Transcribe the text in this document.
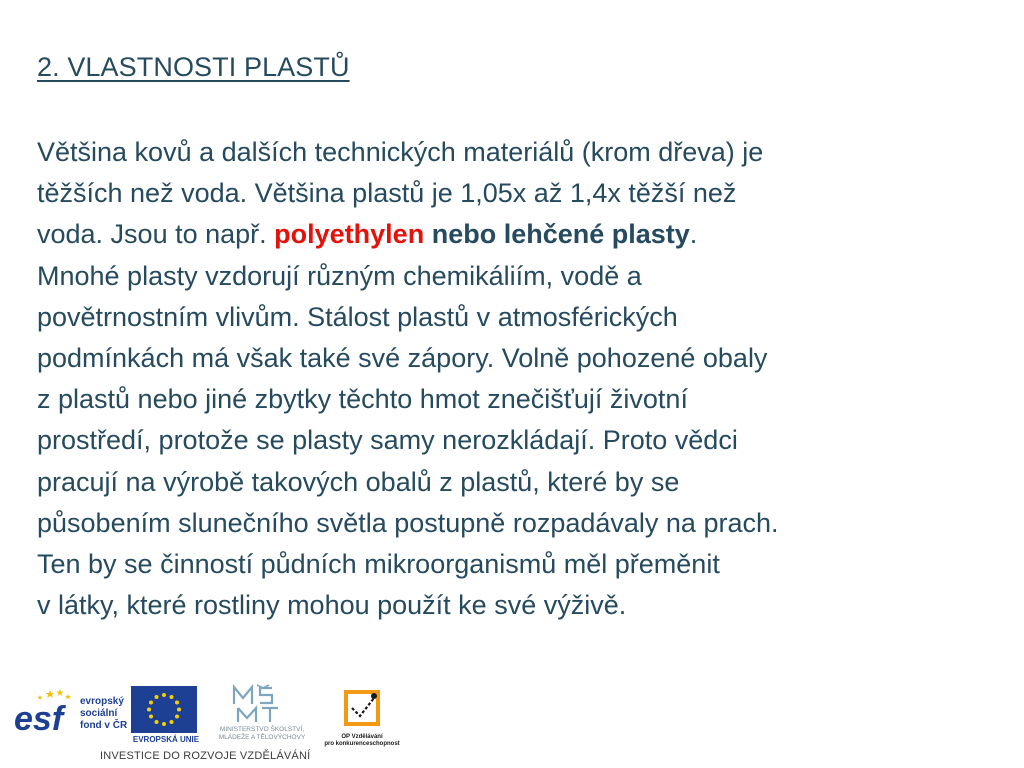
2. VLASTNOSTI PLASTŮ
Většina kovů a dalších technických materiálů (krom dřeva) je
těžších než voda. Většina plastů je 1,05x až 1,4x těžší než
voda. Jsou to např. polyethylen nebo lehčené plasty.
Mnohé plasty vzdorují různým chemikáliím, vodě a
povětrnostním vlivům. Stálost plastů v atmosférických
podmínkách má však také své zápory. Volně pohozené obaly
z plastů nebo jiné zbytky těchto hmot znečišťují životní
prostředí, protože se plasty samy nerozkládají. Proto vědci
pracují na výrobě takových obalů z plastů, které by se
působením slunečního světla postupně rozpadávaly na prach.
Ten by se činností půdních mikroorganismů měl přeměnit
v látky, které rostliny mohou použít ke své výživě.
esf	evropský
sociální
fond v ČR
EVROPSKÁ UNIE
MINISTERSTVO ŠKOLSTVÍ,
MLÁDEŽE A TĚLOVÝCHOVY	OP Vzdělávání
pro konkurenceschopnost
INVESTICE DO ROZVOJE VZDĚLÁVÁNÍ
